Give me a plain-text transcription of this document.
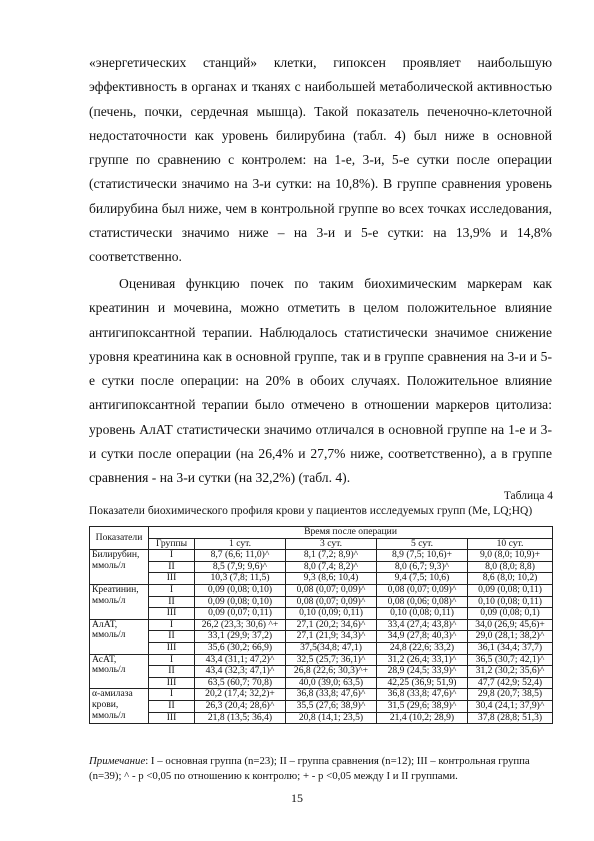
«энергетических станций» клетки, гипоксен проявляет наибольшую эффективность в органах и тканях с наибольшей метаболической активностью (печень, почки, сердечная мышца). Такой показатель печеночно-клеточной недостаточности как уровень билирубина (табл. 4) был ниже в основной группе по сравнению с контролем: на 1-е, 3-и, 5-е сутки после операции (статистически значимо на 3-и сутки: на 10,8%). В группе сравнения уровень билирубина был ниже, чем в контрольной группе во всех точках исследования, статистически значимо ниже – на 3-и и 5-е сутки: на 13,9% и 14,8% соответственно.

Оценивая функцию почек по таким биохимическим маркерам как креатинин и мочевина, можно отметить в целом положительное влияние антигипоксантной терапии. Наблюдалось статистически значимое снижение уровня креатинина как в основной группе, так и в группе сравнения на 3-и и 5-е сутки после операции: на 20% в обоих случаях. Положительное влияние антигипоксантной терапии было отмечено в отношении маркеров цитолиза: уровень АлАТ статистически значимо отличался в основной группе на 1-е и 3-и сутки после операции (на 26,4% и 27,7% ниже, соответственно), а в группе сравнения - на 3-и сутки (на 32,2%) (табл. 4).

Таблица 4
Показатели биохимического профиля крови у пациентов исследуемых групп (Me, LQ;HQ)
Показатели	Время после операции				
	Группы	1 сут.	3 сут.	5 сут.	10 сут.
Билирубин, ммоль/л	I	8,7 (6,6; 11,0)^	8,1 (7,2; 8,9)^	8,9 (7,5; 10,6)+	9,0 (8,0; 10,9)+
	II	8,5 (7,9; 9,6)^	8,0 (7,4; 8,2)^	8,0 (6,7; 9,3)^	8,0 (8,0; 8,8)
	III	10,3 (7,8; 11,5)	9,3 (8,6; 10,4)	9,4 (7,5; 10,6)	8,6 (8,0; 10,2)
Креатинин, ммоль/л	I	0,09 (0,08; 0,10)	0,08 (0,07; 0,09)^	0,08 (0,07; 0,09)^	0,09 (0,08; 0,11)
	II	0,09 (0,08; 0,10)	0,08 (0,07; 0,09)^	0,08 (0,06; 0,08)^	0,10 (0,08; 0,11)
	III	0,09 (0,07; 0,11)	0,10 (0,09; 0,11)	0,10 (0,08; 0,11)	0,09 (0,08; 0,1)
АлАТ, ммоль/л	I	26,2 (23,3; 30,6) ^+	27,1 (20,2; 34,6)^	33,4 (27,4; 43,8)^	34,0 (26,9; 45,6)+
	II	33,1 (29,9; 37,2)	27,1 (21,9; 34,3)^	34,9 (27,8; 40,3)^	29,0 (28,1; 38,2)^
	III	35,6 (30,2; 66,9)	37,5(34,8; 47,1)	24,8 (22,6; 33,2)	36,1 (34,4; 37,7)
АсАТ, ммоль/л	I	43,4 (31,1; 47,2)^	32,5 (25,7; 36,1)^	31,2 (26,4; 33,1)^	36,5 (30,7; 42,1)^
	II	43,4 (32,3; 47,1)^	26,8 (22,6; 30,3)^+	28,9 (24,5; 33,9)^	31,2 (30,2; 35,6)^
	III	63,5 (60,7; 70,8)	40,0 (39,0; 63,5)	42,25 (36,9; 51,9)	47,7 (42,9; 52,4)
α-амилаза крови, ммоль/л	I	20,2 (17,4; 32,2)+	36,8 (33,8; 47,6)^	36,8 (33,8; 47,6)^	29,8 (20,7; 38,5)
	II	26,3 (20,4; 28,6)^	35,5 (27,6; 38,9)^	31,5 (29,6; 38,9)^	30,4 (24,1; 37,9)^
	III	21,8 (13,5; 36,4)	20,8 (14,1; 23,5)	21,4 (10,2; 28,9)	37,8 (28,8; 51,3)
Примечание: I – основная группа (n=23); II – группа сравнения (n=12); III – контрольная группа (n=39); ^ - p <0,05 по отношению к контролю; + - p <0,05 между I и II группами.
15
